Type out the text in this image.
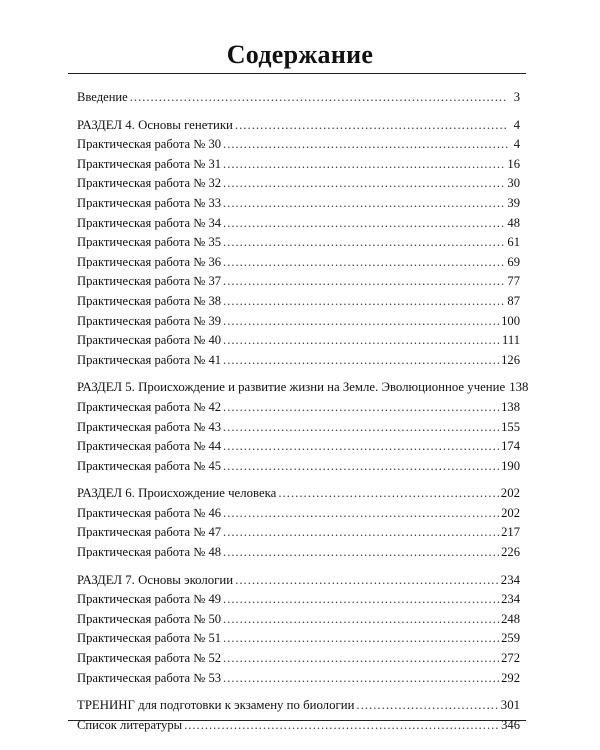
Содержание
Введение .....	3
РАЗДЕЛ 4. Основы генетики .....	4
Практическая работа № 30 .....	4
Практическая работа № 31 .....	16
Практическая работа № 32 .....	30
Практическая работа № 33 .....	39
Практическая работа № 34 .....	48
Практическая работа № 35 .....	61
Практическая работа № 36 .....	69
Практическая работа № 37 .....	77
Практическая работа № 38 .....	87
Практическая работа № 39 .....	100
Практическая работа № 40 .....	111
Практическая работа № 41 .....	126
РАЗДЕЛ 5. Происхождение и развитие жизни на Земле. Эволюционное учение 138
Практическая работа № 42 .....	138
Практическая работа № 43 .....	155
Практическая работа № 44 .....	174
Практическая работа № 45 .....	190
РАЗДЕЛ 6. Происхождение человека .....	202
Практическая работа № 46 .....	202
Практическая работа № 47 .....	217
Практическая работа № 48 .....	226
РАЗДЕЛ 7. Основы экологии .....	234
Практическая работа № 49 .....	234
Практическая работа № 50 .....	248
Практическая работа № 51 .....	259
Практическая работа № 52 .....	272
Практическая работа № 53 .....	292
ТРЕНИНГ для подготовки к экзамену по биологии .....	301
Список литературы .....	346
